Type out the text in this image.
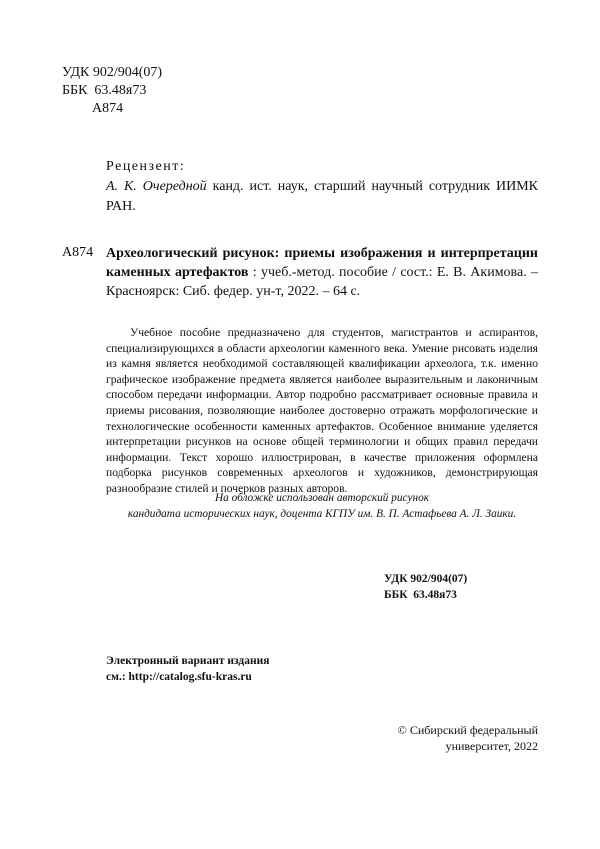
УДК 902/904(07)
ББК  63.48я73
А874
Рецензент:
А. К. Очередной канд. ист. наук, старший научный сотрудник ИИМК РАН.
А874 Археологический рисунок: приемы изображения и интерпретации каменных артефактов : учеб.-метод. пособие / сост.: Е. В. Акимова. – Красноярск: Сиб. федер. ун-т, 2022. – 64 с.

Учебное пособие предназначено для студентов, магистрантов и аспирантов, специализирующихся в области археологии каменного века. Умение рисовать изделия из камня является необходимой составляющей квалификации археолога, т.к. именно графическое изображение предмета является наиболее выразительным и лаконичным способом передачи информации. Автор подробно рассматривает основные правила и приемы рисования, позволяющие наиболее достоверно отражать морфологические и технологические особенности каменных артефактов. Особенное внимание уделяется интерпретации рисунков на основе общей терминологии и общих правил передачи информации. Текст хорошо иллюстрирован, в качестве приложения оформлена подборка рисунков современных археологов и художников, демонстрирующая разнообразие стилей и почерков разных авторов.

На обложке использован авторский рисунок
кандидата исторических наук, доцента КГПУ им. В. П. Астафьева А. Л. Заики.
УДК 902/904(07)
ББК  63.48я73
Электронный вариант издания
см.: http://catalog.sfu-kras.ru
© Сибирский федеральный
университет, 2022
